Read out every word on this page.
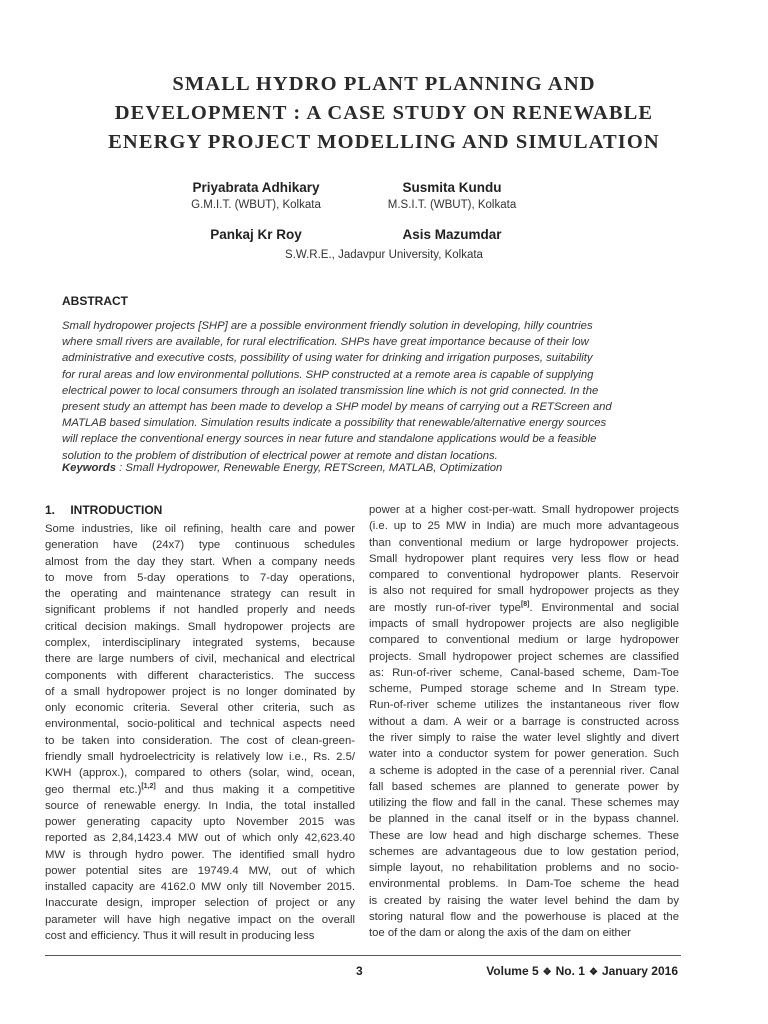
SMALL HYDRO PLANT PLANNING AND
DEVELOPMENT : A CASE STUDY ON RENEWABLE
ENERGY PROJECT MODELLING AND SIMULATION
Priyabrata Adhikary
G.M.I.T. (WBUT), Kolkata
Susmita Kundu
M.S.I.T. (WBUT), Kolkata
Pankaj Kr Roy	Asis Mazumdar
S.W.R.E., Jadavpur University, Kolkata
ABSTRACT
Small hydropower projects [SHP] are a possible environment friendly solution in developing, hilly countries
where small rivers are available, for rural electrification. SHPs have great importance because of their low
administrative and executive costs, possibility of using water for drinking and irrigation purposes, suitability
for rural areas and low environmental pollutions. SHP constructed at a remote area is capable of supplying
electrical power to local consumers through an isolated transmission line which is not grid connected. In the
present study an attempt has been made to develop a SHP model by means of carrying out a RETScreen and
MATLAB based simulation. Simulation results indicate a possibility that renewable/alternative energy sources
will replace the conventional energy sources in near future and standalone applications would be a feasible
solution to the problem of distribution of electrical power at remote and distan locations.
Keywords : Small Hydropower, Renewable Energy, RETScreen, MATLAB, Optimization
1. INTRODUCTION
Some industries, like oil refining, health care and power
generation have (24x7) type continuous schedules
almost from the day they start. When a company needs
to move from 5-day operations to 7-day operations,
the operating and maintenance strategy can result in
significant problems if not handled properly and needs
critical decision makings. Small hydropower projects are
complex, interdisciplinary integrated systems, because
there are large numbers of civil, mechanical and electrical
components with different characteristics. The success
of a small hydropower project is no longer dominated by
only economic criteria. Several other criteria, such as
environmental, socio-political and technical aspects need
to be taken into consideration. The cost of clean-green-
friendly small hydroelectricity is relatively low i.e., Rs. 2.5/
KWH (approx.), compared to others (solar, wind, ocean,
geo thermal etc.)[1,2] and thus making it a competitive
source of renewable energy. In India, the total installed
power generating capacity upto November 2015 was
reported as 2,84,1423.4 MW out of which only 42,623.40
MW is through hydro power. The identified small hydro
power potential sites are 19749.4 MW, out of which
installed capacity are 4162.0 MW only till November 2015.
Inaccurate design, improper selection of project or any
parameter will have high negative impact on the overall
cost and efficiency. Thus it will result in producing less
power at a higher cost-per-watt. Small hydropower projects
(i.e. up to 25 MW in India) are much more advantageous
than conventional medium or large hydropower projects.
Small hydropower plant requires very less flow or head
compared to conventional hydropower plants. Reservoir
is also not required for small hydropower projects as they
are mostly run-of-river type[8]. Environmental and social
impacts of small hydropower projects are also negligible
compared to conventional medium or large hydropower
projects. Small hydropower project schemes are classified
as: Run-of-river scheme, Canal-based scheme, Dam-Toe
scheme, Pumped storage scheme and In Stream type.
Run-of-river scheme utilizes the instantaneous river flow
without a dam. A weir or a barrage is constructed across
the river simply to raise the water level slightly and divert
water into a conductor system for power generation. Such
a scheme is adopted in the case of a perennial river. Canal
fall based schemes are planned to generate power by
utilizing the flow and fall in the canal. These schemes may
be planned in the canal itself or in the bypass channel.
These are low head and high discharge schemes. These
schemes are advantageous due to low gestation period,
simple layout, no rehabilitation problems and no socio-
environmental problems. In Dam-Toe scheme the head
is created by raising the water level behind the dam by
storing natural flow and the powerhouse is placed at the
toe of the dam or along the axis of the dam on either
3	Volume 5 ❖ No. 1 ❖ January 2016
